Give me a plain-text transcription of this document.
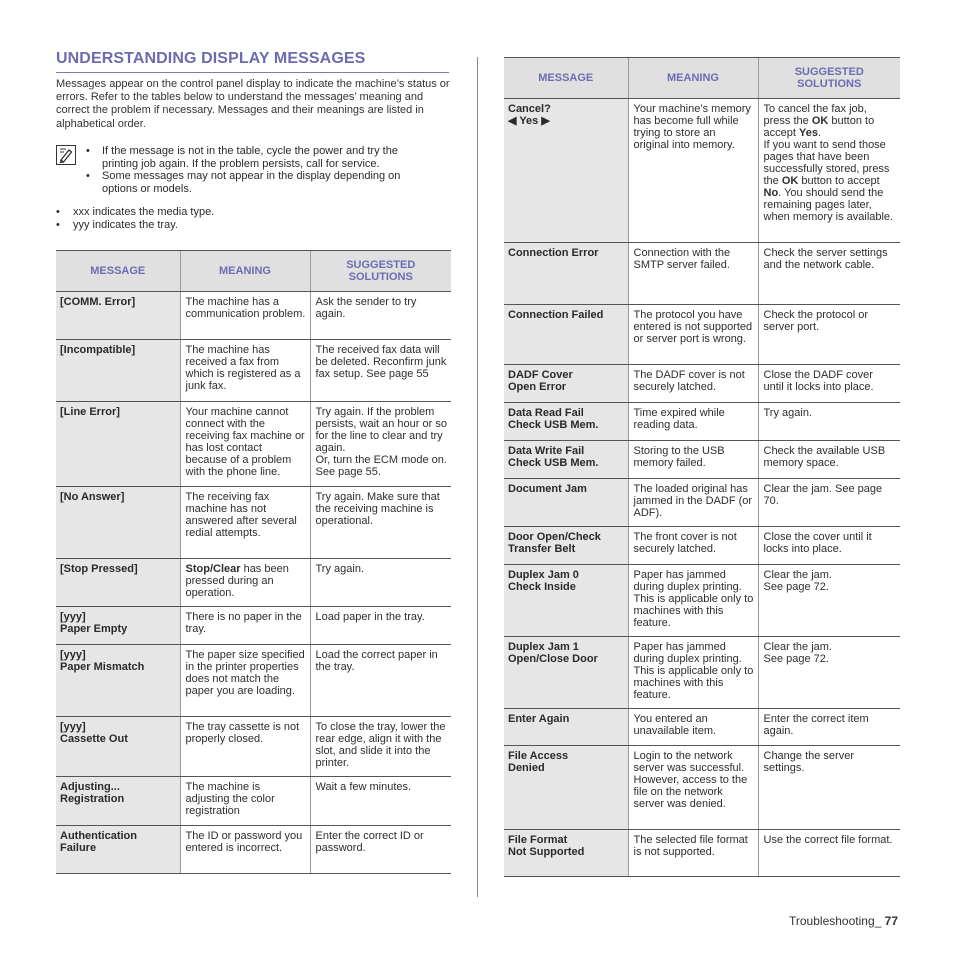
UNDERSTANDING DISPLAY MESSAGES

Messages appear on the control panel display to indicate the machine’s status or errors. Refer to the tables below to understand the messages’ meaning and correct the problem if necessary. Messages and their meanings are listed in alphabetical order.

• If the message is not in the table, cycle the power and try the printing job again. If the problem persists, call for service.
• Some messages may not appear in the display depending on options or models.
• xxx indicates the media type.
• yyy indicates the tray.
MESSAGE	MEANING	SUGGESTED
SOLUTIONS
[COMM. Error]	The machine has a communication problem.	Ask the sender to try again.
[Incompatible]	The machine has received a fax from which is registered as a junk fax.	The received fax data will be deleted. Reconfirm junk fax setup. See page 55
[Line Error]	Your machine cannot connect with the receiving fax machine or has lost contact because of a problem with the phone line.	Try again. If the problem persists, wait an hour or so for the line to clear and try again.
Or, turn the ECM mode on. See page 55.
[No Answer]	The receiving fax machine has not answered after several redial attempts.	Try again. Make sure that the receiving machine is operational.
[Stop Pressed]	Stop/Clear has been pressed during an operation.	Try again.
[yyy]
Paper Empty	There is no paper in the tray.	Load paper in the tray.
[yyy]
Paper Mismatch	The paper size specified in the printer properties does not match the paper you are loading.	Load the correct paper in the tray.
[yyy]
Cassette Out	The tray cassette is not properly closed.	To close the tray, lower the rear edge, align it with the slot, and slide it into the printer.
Adjusting...
Registration	The machine is adjusting the color registration	Wait a few minutes.
Authentication
Failure	The ID or password you entered is incorrect.	Enter the correct ID or password.
MESSAGE	MEANING	SUGGESTED
SOLUTIONS
Cancel?
◀ Yes ▶	Your machine’s memory has become full while trying to store an original into memory.	To cancel the fax job, press the OK button to accept Yes.
If you want to send those pages that have been successfully stored, press the OK button to accept No. You should send the remaining pages later, when memory is available.
Connection Error	Connection with the SMTP server failed.	Check the server settings and the network cable.
Connection Failed	The protocol you have entered is not supported or server port is wrong.	Check the protocol or server port.
DADF Cover
Open Error	The DADF cover is not securely latched.	Close the DADF cover until it locks into place.
Data Read Fail
Check USB Mem.	Time expired while reading data.	Try again.
Data Write Fail
Check USB Mem.	Storing to the USB memory failed.	Check the available USB memory space.
Document Jam	The loaded original has jammed in the DADF (or ADF).	Clear the jam. See page 70.
Door Open/Check
Transfer Belt	The front cover is not securely latched.	Close the cover until it locks into place.
Duplex Jam 0
Check Inside	Paper has jammed during duplex printing. This is applicable only to machines with this feature.	Clear the jam.
See page 72.
Duplex Jam 1
Open/Close Door	Paper has jammed during duplex printing. This is applicable only to machines with this feature.	Clear the jam.
See page 72.
Enter Again	You entered an unavailable item.	Enter the correct item again.
File Access
Denied	Login to the network server was successful. However, access to the file on the network server was denied.	Change the server settings.
File Format
Not Supported	The selected file format is not supported.	Use the correct file format.
Troubleshooting_ 77
